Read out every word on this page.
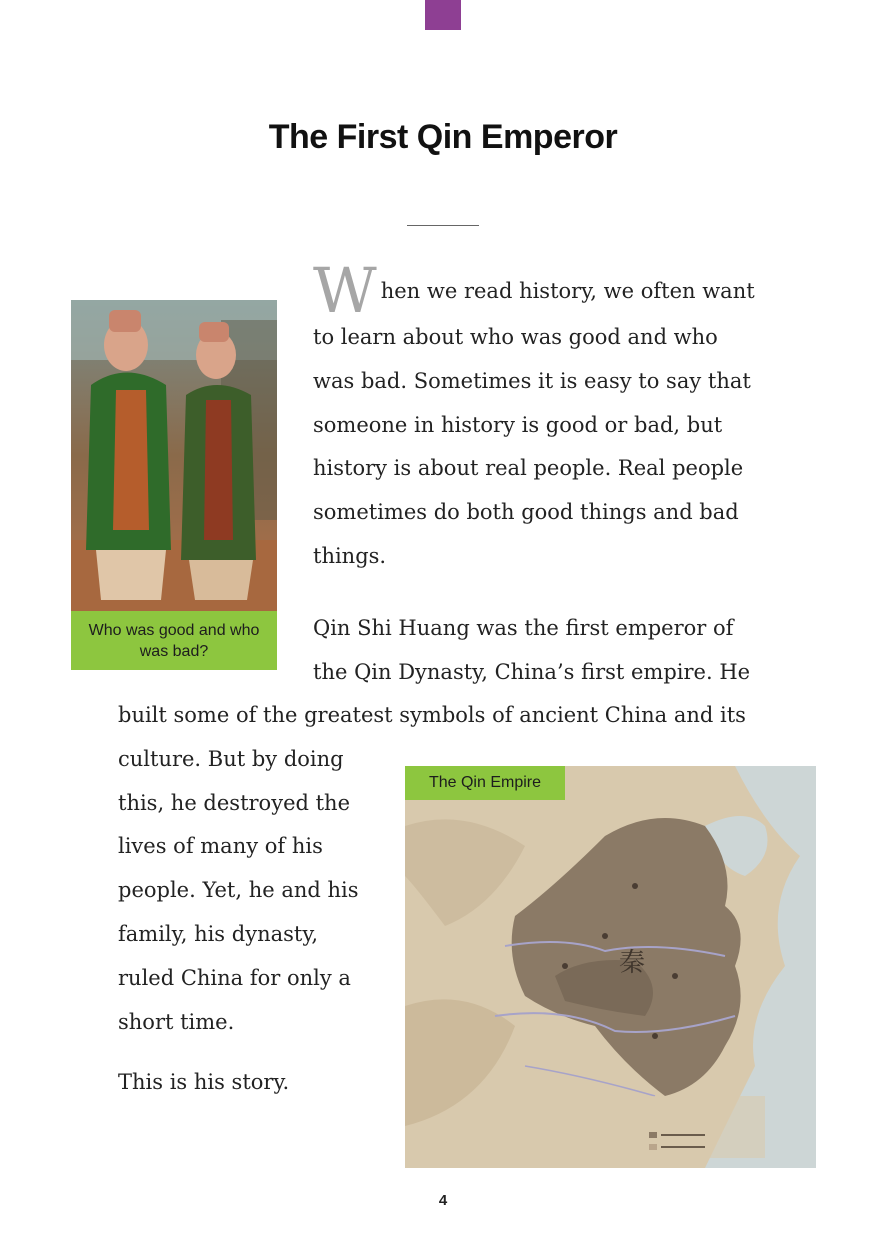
The First Qin Emperor
Who was good and who was bad?
W hen we read history, we often want
to learn about who was good and who
was bad. Sometimes it is easy to say that
someone in history is good or bad, but
history is about real people. Real people
sometimes do both good things and bad
things.
Qin Shi Huang was the first emperor of
the Qin Dynasty, China’s first empire. He
built some of the greatest symbols of ancient China and its
culture. But by doing
this, he destroyed the
lives of many of his
people. Yet, he and his
family, his dynasty,
ruled China for only a
short time.
This is his story.
秦
The Qin Empire
4
